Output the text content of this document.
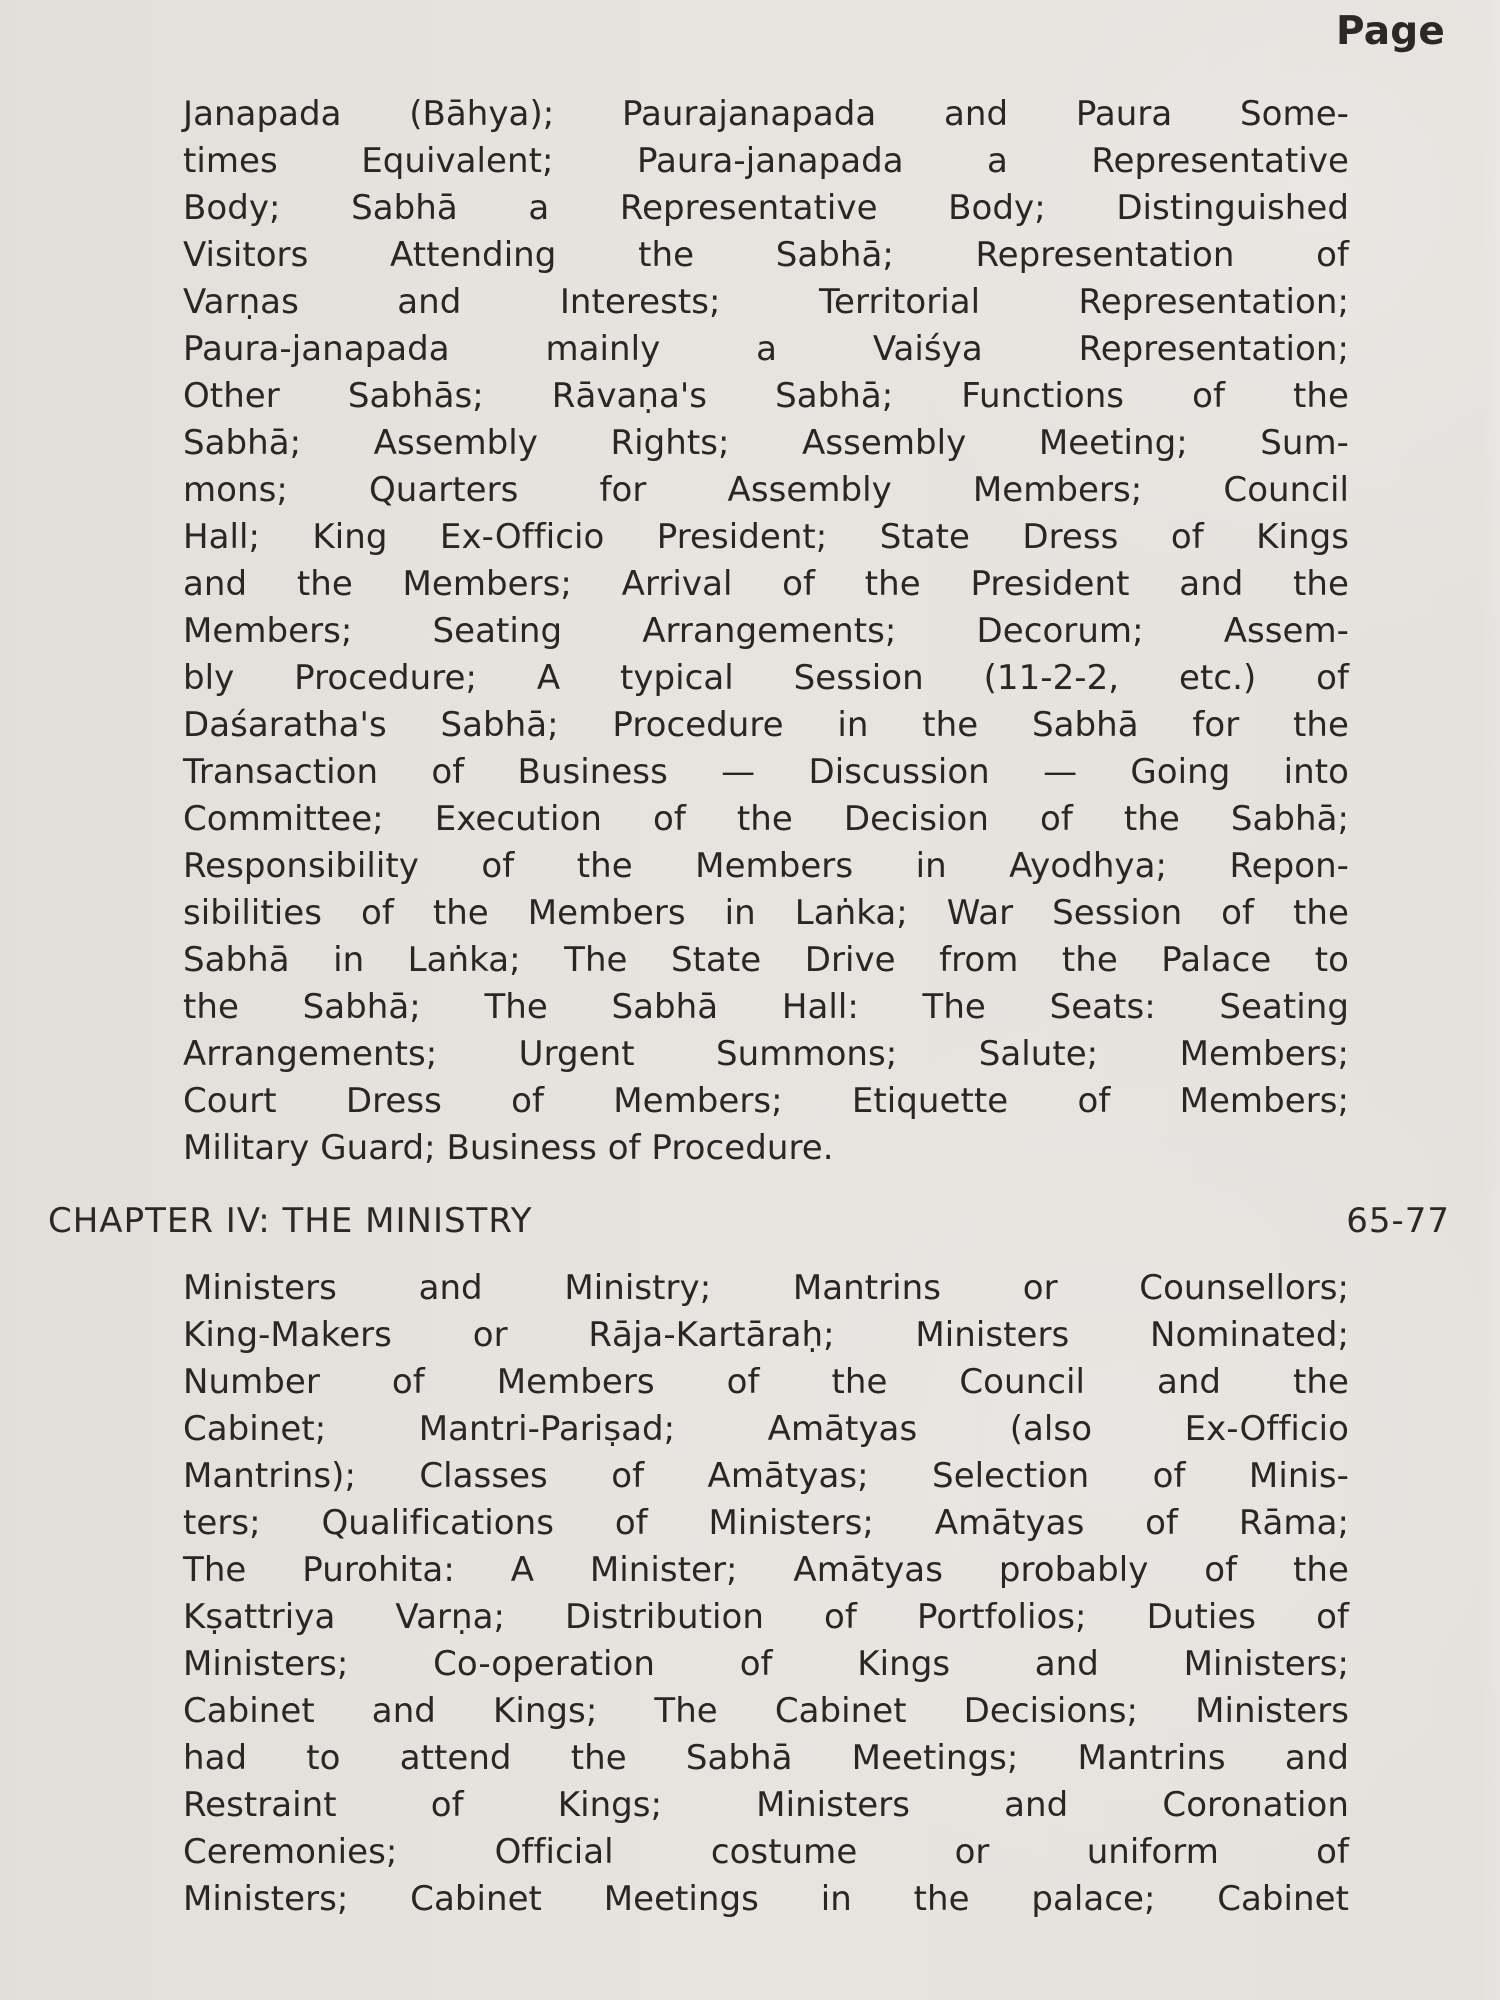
Page
Janapada (Bāhya); Paurajanapada and Paura Some-
times Equivalent; Paura-janapada a Representative
Body; Sabhā a Representative Body; Distinguished
Visitors Attending the Sabhā; Representation of
Varṇas and Interests; Territorial Representation;
Paura-janapada mainly a Vaiśya Representation;
Other Sabhās; Rāvaṇa's Sabhā; Functions of the
Sabhā; Assembly Rights; Assembly Meeting; Sum-
mons; Quarters for Assembly Members; Council
Hall; King Ex-Officio President; State Dress of Kings
and the Members; Arrival of the President and the
Members; Seating Arrangements; Decorum; Assem-
bly Procedure; A typical Session (11-2-2, etc.) of
Daśaratha's Sabhā; Procedure in the Sabhā for the
Transaction of Business — Discussion — Going into
Committee; Execution of the Decision of the Sabhā;
Responsibility of the Members in Ayodhya; Repon-
sibilities of the Members in Laṅka; War Session of the
Sabhā in Laṅka; The State Drive from the Palace to
the Sabhā; The Sabhā Hall: The Seats: Seating
Arrangements; Urgent Summons; Salute; Members;
Court Dress of Members; Etiquette of Members;
Military Guard; Business of Procedure.
CHAPTER IV: THE MINISTRY	65-77
Ministers and Ministry; Mantrins or Counsellors;
King-Makers or Rāja-Kartāraḥ; Ministers Nominated;
Number of Members of the Council and the
Cabinet; Mantri-Pariṣad; Amātyas (also Ex-Officio
Mantrins); Classes of Amātyas; Selection of Minis-
ters; Qualifications of Ministers; Amātyas of Rāma;
The Purohita: A Minister; Amātyas probably of the
Kṣattriya Varṇa; Distribution of Portfolios; Duties of
Ministers; Co-operation of Kings and Ministers;
Cabinet and Kings; The Cabinet Decisions; Ministers
had to attend the Sabhā Meetings; Mantrins and
Restraint of Kings; Ministers and Coronation
Ceremonies; Official costume or uniform of
Ministers; Cabinet Meetings in the palace; Cabinet
